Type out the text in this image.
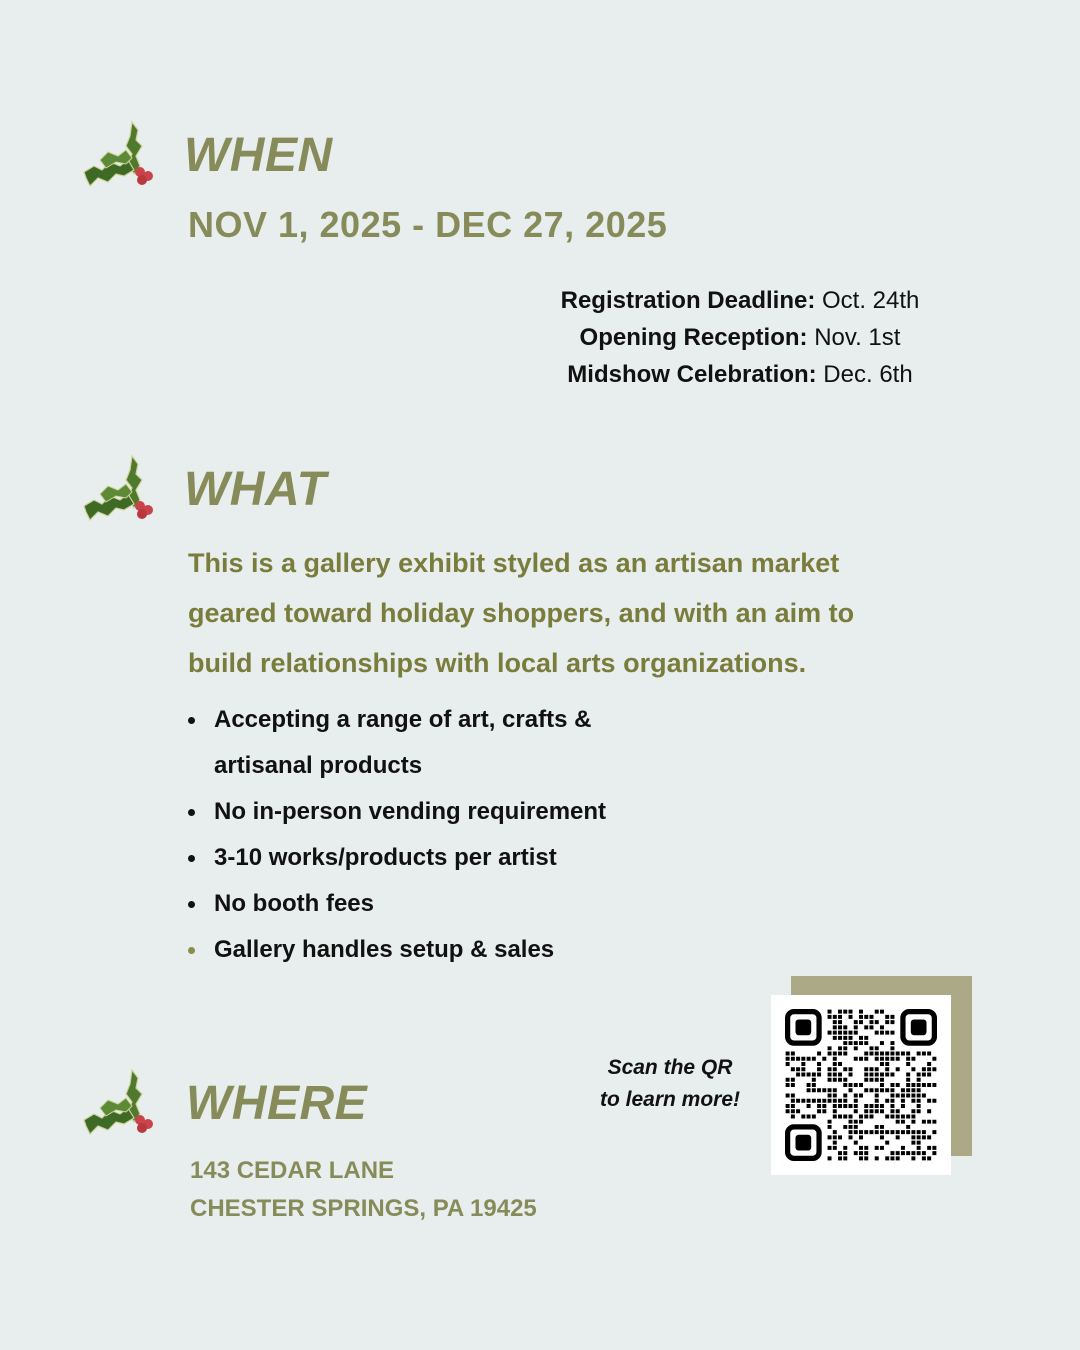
WHEN

NOV 1, 2025 - DEC 27, 2025

Registration Deadline: Oct. 24th
Opening Reception: Nov. 1st
Midshow Celebration: Dec. 6th
WHAT
This is a gallery exhibit styled as an artisan market
geared toward holiday shoppers, and with an aim to
build relationships with local arts organizations.
Accepting a range of art, crafts &
artisanal products
No in-person vending requirement
3-10 works/products per artist
No booth fees
Gallery handles setup & sales
WHERE
143 CEDAR LANE
CHESTER SPRINGS, PA 19425
Scan the QR
to learn more!
